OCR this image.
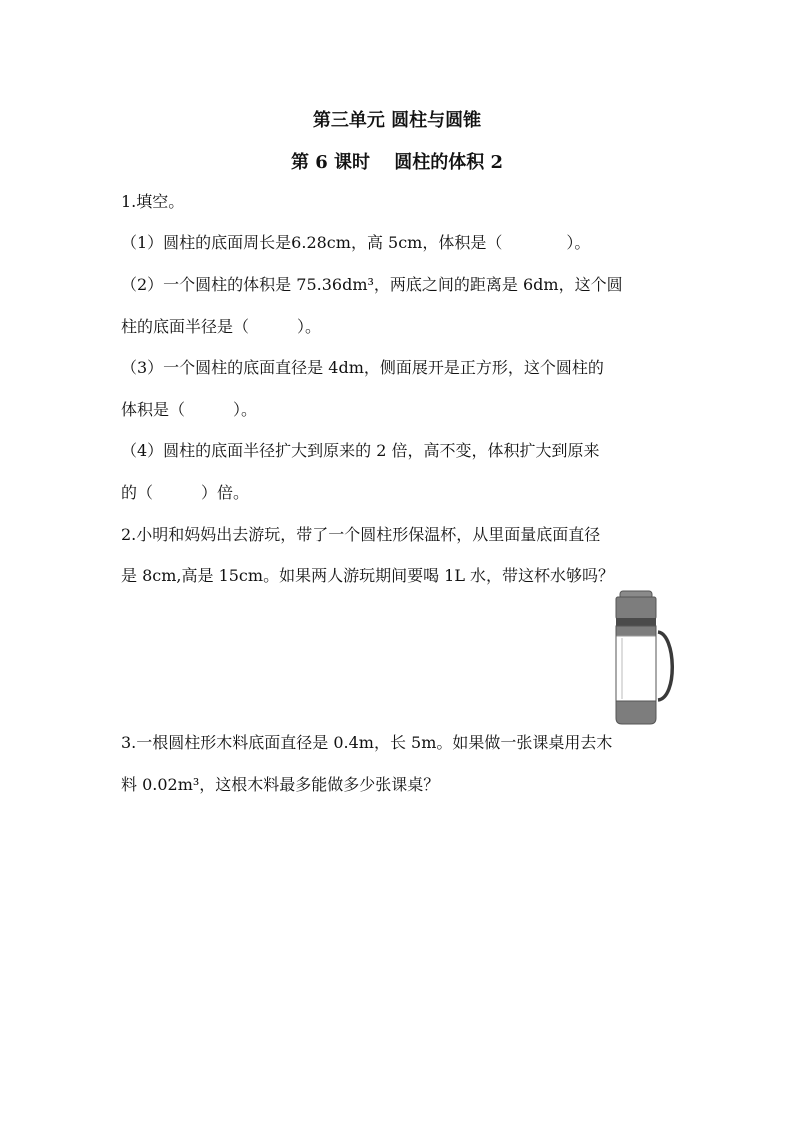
第三单元 圆柱与圆锥
第 6 课时　 圆柱的体积 2
1.填空。
（1）圆柱的底面周长是6.28cm，高 5cm，体积是（　　　　）。
（2）一个圆柱的体积是 75.36dm³，两底之间的距离是 6dm，这个圆
柱的底面半径是（　　　）。
（3）一个圆柱的底面直径是 4dm，侧面展开是正方形，这个圆柱的
体积是（　　　）。
（4）圆柱的底面半径扩大到原来的 2 倍，高不变，体积扩大到原来
的（　　　）倍。
2.小明和妈妈出去游玩，带了一个圆柱形保温杯，从里面量底面直径
是 8cm,高是 15cm。如果两人游玩期间要喝 1L 水，带这杯水够吗？
3.一根圆柱形木料底面直径是 0.4m，长 5m。如果做一张课桌用去木
料 0.02m³，这根木料最多能做多少张课桌？
